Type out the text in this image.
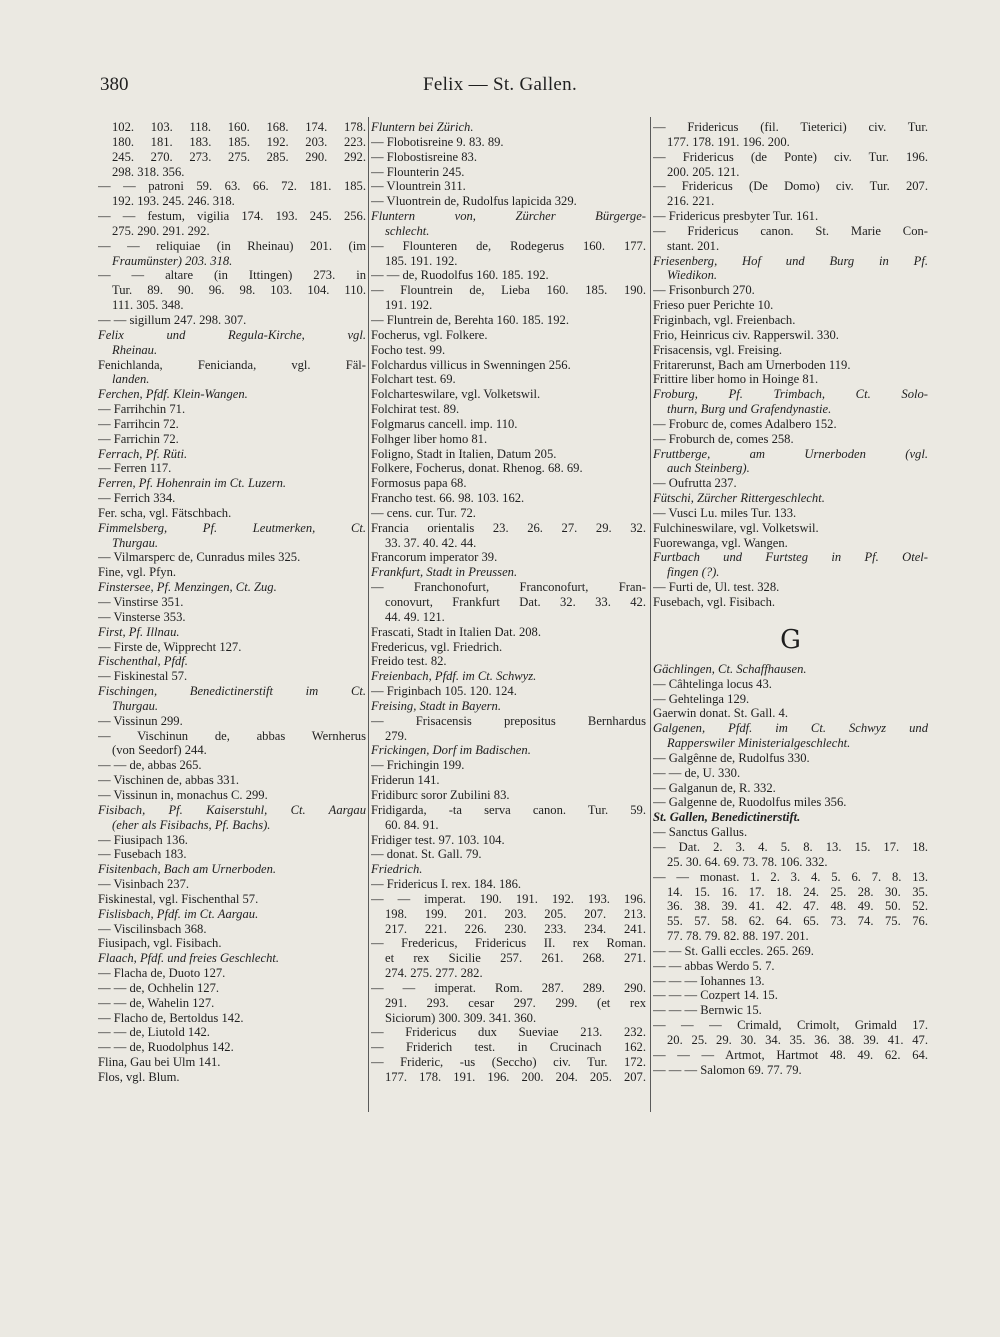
380	Felix — St. Gallen.
102. 103. 118. 160. 168. 174. 178.
180. 181. 183. 185. 192. 203. 223.
245. 270. 273. 275. 285. 290. 292.
298. 318. 356.
— — patroni 59. 63. 66. 72. 181. 185.
192. 193. 245. 246. 318.
— — festum, vigilia 174. 193. 245. 256.
275. 290. 291. 292.
— — reliquiae (in Rheinau) 201. (im
Fraumünster) 203. 318.
— — altare (in Ittingen) 273. in
Tur. 89. 90. 96. 98. 103. 104. 110.
111. 305. 348.
— — sigillum 247. 298. 307.
Felix und Regula-Kirche, vgl.
Rheinau.
Fenichlanda, Fenicianda, vgl. Fäl-
landen.
Ferchen, Pfdf. Klein-Wangen.
— Farrihchin 71.
— Farrihcin 72.
— Farrichin 72.
Ferrach, Pf. Rüti.
— Ferren 117.
Ferren, Pf. Hohenrain im Ct. Luzern.
— Ferrich 334.
Fer. scha, vgl. Fätschbach.
Fimmelsberg, Pf. Leutmerken, Ct.
Thurgau.
— Vilmarsperc de, Cunradus miles 325.
Fine, vgl. Pfyn.
Finstersee, Pf. Menzingen, Ct. Zug.
— Vinstirse 351.
— Vinsterse 353.
First, Pf. Illnau.
— Firste de, Wipprecht 127.
Fischenthal, Pfdf.
— Fiskinestal 57.
Fischingen, Benedictinerstift im Ct.
Thurgau.
— Vissinun 299.
— Vischinun de, abbas Wernherus
(von Seedorf) 244.
— — de, abbas 265.
— Vischinen de, abbas 331.
— Vissinun in, monachus C. 299.
Fisibach, Pf. Kaiserstuhl, Ct. Aargau
(eher als Fisibachs, Pf. Bachs).
— Fiusipach 136.
— Fusebach 183.
Fisitenbach, Bach am Urnerboden.
— Visinbach 237.
Fiskinestal, vgl. Fischenthal 57.
Fislisbach, Pfdf. im Ct. Aargau.
— Viscilinsbach 368.
Fiusipach, vgl. Fisibach.
Flaach, Pfdf. und freies Geschlecht.
— Flacha de, Duoto 127.
— — de, Ochhelin 127.
— — de, Wahelin 127.
— Flacho de, Bertoldus 142.
— — de, Liutold 142.
— — de, Ruodolphus 142.
Flina, Gau bei Ulm 141.
Flos, vgl. Blum.
Fluntern bei Zürich.
— Flobotisreine 9. 83. 89.
— Flobostisreine 83.
— Flounterin 245.
— Vlountrein 311.
— Vluontrein de, Rudolfus lapicida 329.
Fluntern von, Zürcher Bürgerge-
schlecht.
— Flounteren de, Rodegerus 160. 177.
185. 191. 192.
— — de, Ruodolfus 160. 185. 192.
— Flountrein de, Lieba 160. 185. 190.
191. 192.
— Fluntrein de, Berehta 160. 185. 192.
Focherus, vgl. Folkere.
Focho test. 99.
Folchardus villicus in Swenningen 256.
Folchart test. 69.
Folcharteswilare, vgl. Volketswil.
Folchirat test. 89.
Folgmarus cancell. imp. 110.
Folhger liber homo 81.
Foligno, Stadt in Italien, Datum 205.
Folkere, Focherus, donat. Rhenog. 68. 69.
Formosus papa 68.
Francho test. 66. 98. 103. 162.
— cens. cur. Tur. 72.
Francia orientalis 23. 26. 27. 29. 32.
33. 37. 40. 42. 44.
Francorum imperator 39.
Frankfurt, Stadt in Preussen.
— Franchonofurt, Franconofurt, Fran-
conovurt, Frankfurt Dat. 32. 33. 42.
44. 49. 121.
Frascati, Stadt in Italien Dat. 208.
Fredericus, vgl. Friedrich.
Freido test. 82.
Freienbach, Pfdf. im Ct. Schwyz.
— Friginbach 105. 120. 124.
Freising, Stadt in Bayern.
— Frisacensis prepositus Bernhardus
279.
Frickingen, Dorf im Badischen.
— Frichingin 199.
Friderun 141.
Fridiburc soror Zubilini 83.
Fridigarda, -ta serva canon. Tur. 59.
60. 84. 91.
Fridiger test. 97. 103. 104.
— donat. St. Gall. 79.
Friedrich.
— Fridericus I. rex. 184. 186.
— — imperat. 190. 191. 192. 193. 196.
198. 199. 201. 203. 205. 207. 213.
217. 221. 226. 230. 233. 234. 241.
— Fredericus, Fridericus II. rex Roman.
et rex Sicilie 257. 261. 268. 271.
274. 275. 277. 282.
— — imperat. Rom. 287. 289. 290.
291. 293. cesar 297. 299. (et rex
Siciorum) 300. 309. 341. 360.
— Fridericus dux Sueviae 213. 232.
— Friderich test. in Crucinach 162.
— Frideric, -us (Seccho) civ. Tur. 172.
177. 178. 191. 196. 200. 204. 205. 207.
— Fridericus (fil. Tieterici) civ. Tur.
177. 178. 191. 196. 200.
— Fridericus (de Ponte) civ. Tur. 196.
200. 205. 121.
— Fridericus (De Domo) civ. Tur. 207.
216. 221.
— Fridericus presbyter Tur. 161.
— Fridericus canon. St. Marie Con-
stant. 201.
Friesenberg, Hof und Burg in Pf.
Wiedikon.
— Frisonburch 270.
Frieso puer Perichte 10.
Friginbach, vgl. Freienbach.
Frio, Heinricus civ. Rapperswil. 330.
Frisacensis, vgl. Freising.
Fritarerunst, Bach am Urnerboden 119.
Frittire liber homo in Hoinge 81.
Froburg, Pf. Trimbach, Ct. Solo-
thurn, Burg und Grafendynastie.
— Froburc de, comes Adalbero 152.
— Froburch de, comes 258.
Fruttberge, am Urnerboden (vgl.
auch Steinberg).
— Oufrutta 237.
Fütschi, Zürcher Rittergeschlecht.
— Vusci Lu. miles Tur. 133.
Fulchineswilare, vgl. Volketswil.
Fuorewanga, vgl. Wangen.
Furtbach und Furtsteg in Pf. Otel-
fingen (?).
— Furti de, Ul. test. 328.
Fusebach, vgl. Fisibach.
G
Gächlingen, Ct. Schaffhausen.
— Câhtelinga locus 43.
— Gehtelinga 129.
Gaerwin donat. St. Gall. 4.
Galgenen, Pfdf. im Ct. Schwyz und
Rapperswiler Ministerialgeschlecht.
— Galgênne de, Rudolfus 330.
— — de, U. 330.
— Galganun de, R. 332.
— Galgenne de, Ruodolfus miles 356.
St. Gallen, Benedictinerstift.
— Sanctus Gallus.
— Dat. 2. 3. 4. 5. 8. 13. 15. 17. 18.
25. 30. 64. 69. 73. 78. 106. 332.
— — monast. 1. 2. 3. 4. 5. 6. 7. 8. 13.
14. 15. 16. 17. 18. 24. 25. 28. 30. 35.
36. 38. 39. 41. 42. 47. 48. 49. 50. 52.
55. 57. 58. 62. 64. 65. 73. 74. 75. 76.
77. 78. 79. 82. 88. 197. 201.
— — St. Galli eccles. 265. 269.
— — abbas Werdo 5. 7.
— — — Iohannes 13.
— — — Cozpert 14. 15.
— — — Bernwic 15.
— — — Crimald, Crimolt, Grimald 17.
20. 25. 29. 30. 34. 35. 36. 38. 39. 41. 47.
— — — Artmot, Hartmot 48. 49. 62. 64.
— — — Salomon 69. 77. 79.
